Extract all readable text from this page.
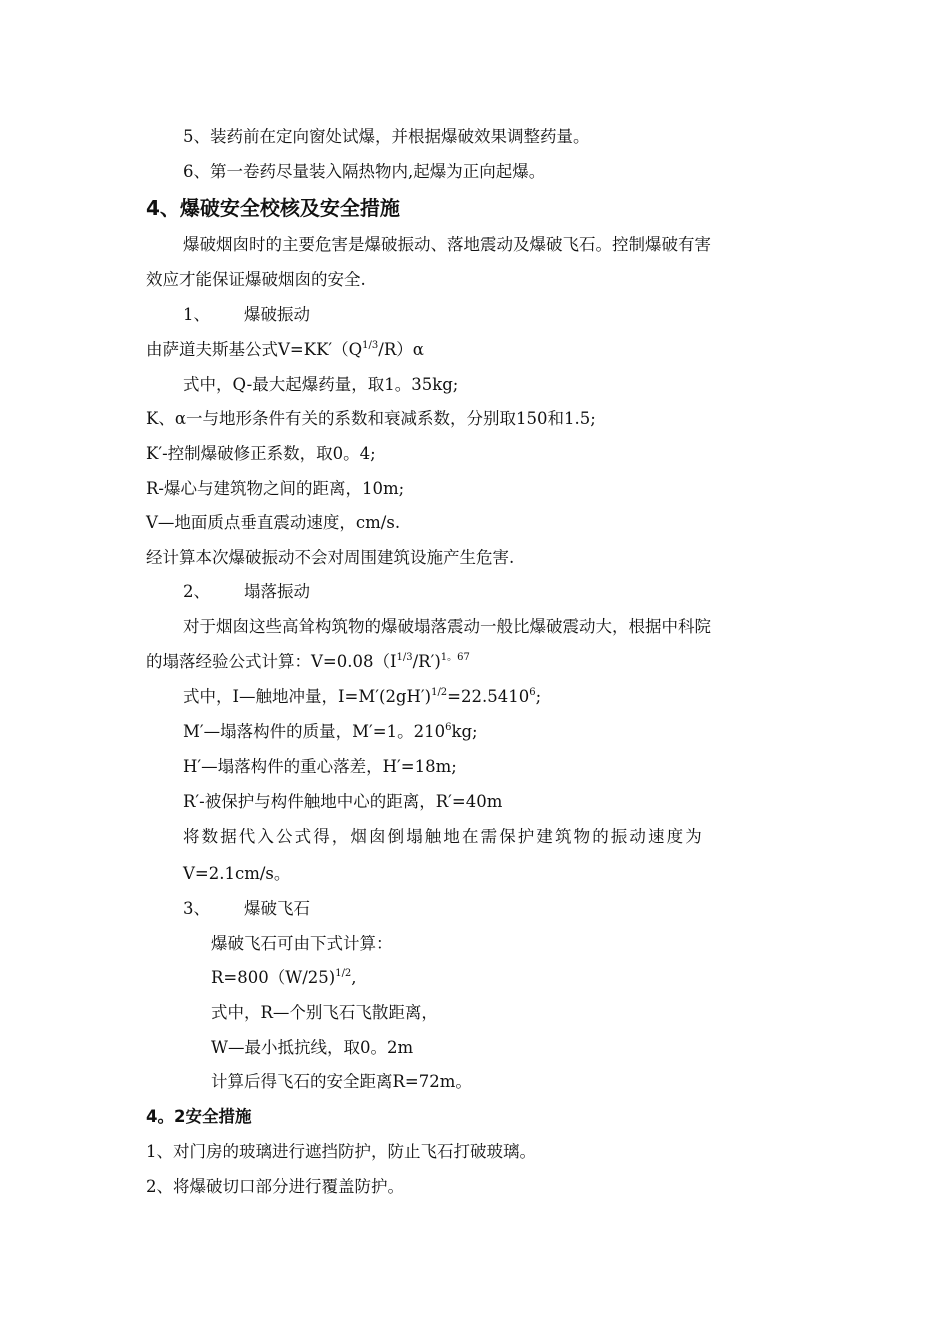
5、装药前在定向窗处试爆，并根据爆破效果调整药量。
6、第一卷药尽量装入隔热物内,起爆为正向起爆。
4、爆破安全校核及安全措施
爆破烟囱时的主要危害是爆破振动、落地震动及爆破飞石。控制爆破有害
效应才能保证爆破烟囱的安全.
1、 爆破振动
由萨道夫斯基公式$V=KK'(Q^{1/3}/R)\alpha$
式中，Q-最大起爆药量，取1。35kg;
K、α一与地形条件有关的系数和衰减系数，分别取150和1.5;
K′-控制爆破修正系数，取0。4;
R-爆心与建筑物之间的距离，10m;
V—地面质点垂直震动速度，cm/s.
经计算本次爆破振动不会对周围建筑设施产生危害.
2、 塌落振动
对于烟囱这些高耸构筑物的爆破塌落震动一般比爆破震动大，根据中科院
的塌落经验公式计算：$V=0.08(I^{1/3}/R')^{1。67}$
式中，I—触地冲量，$I=M'(2gH')^{1/2}=22.5410^6$;
M′—塌落构件的质量，M′=1。$210^6kg$;
H′—塌落构件的重心落差，H′=18m;
R′-被保护与构件触地中心的距离，R′=40m
将数据代入公式得，烟囱倒塌触地在需保护建筑物的振动速度为
V=2.1cm/s。
3、 爆破飞石
爆破飞石可由下式计算：
R=800（W/25)$^{1/2}$,
式中，R—个别飞石飞散距离，
W—最小抵抗线，取0。2m
计算后得飞石的安全距离R=72m。
4。2安全措施
1、对门房的玻璃进行遮挡防护，防止飞石打破玻璃。
2、将爆破切口部分进行覆盖防护。
